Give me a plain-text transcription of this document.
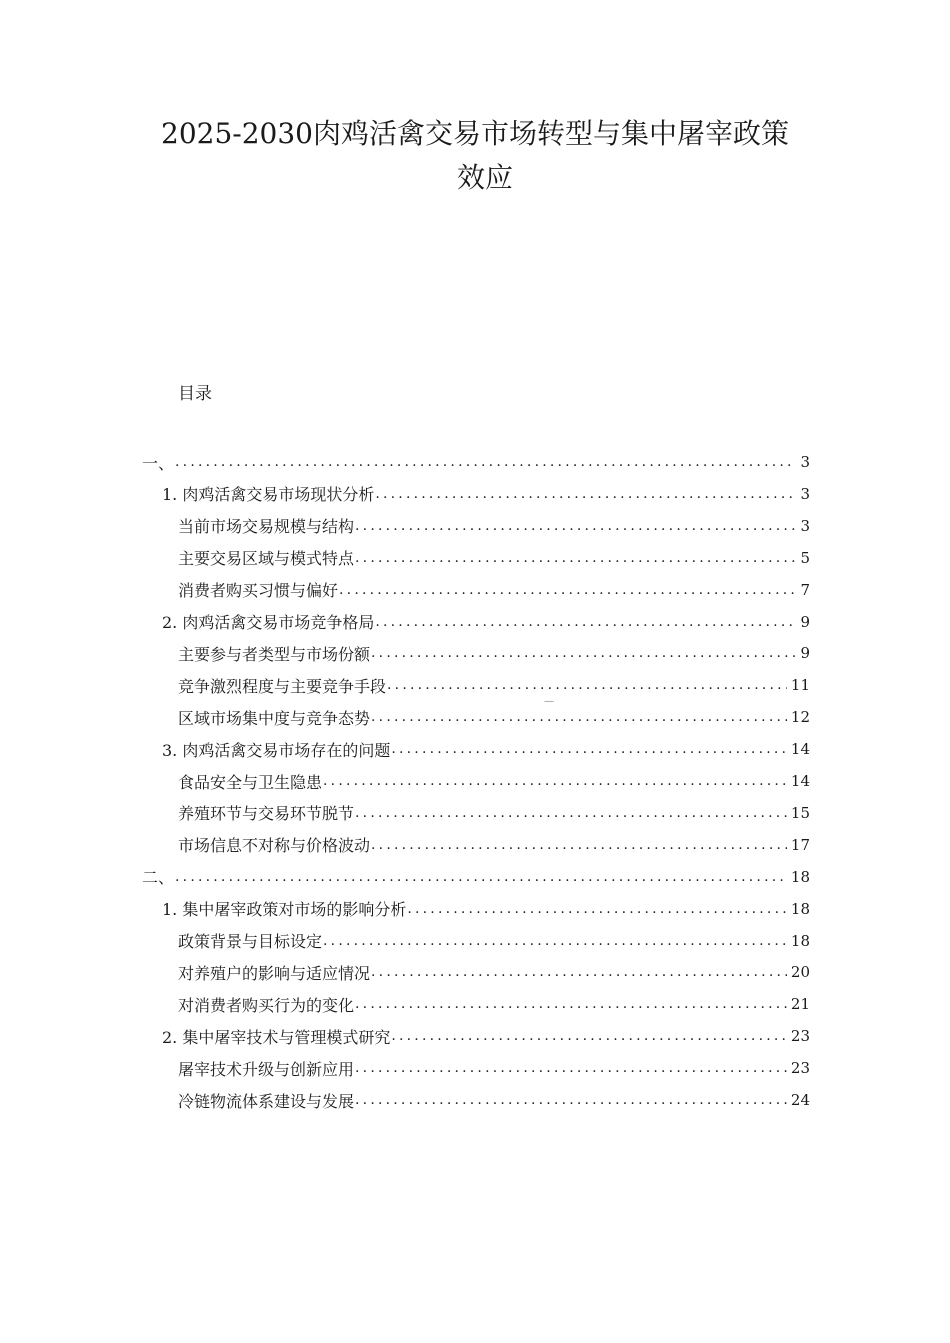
2025-2030肉鸡活禽交易市场转型与集中屠宰政策
效应
目录
—
一、 .....	3
1. 肉鸡活禽交易市场现状分析 .....	3
当前市场交易规模与结构 .....	3
主要交易区域与模式特点 .....	5
消费者购买习惯与偏好 .....	7
2. 肉鸡活禽交易市场竞争格局 .....	9
主要参与者类型与市场份额 .....	9
竞争激烈程度与主要竞争手段 .....	11
区域市场集中度与竞争态势 .....	12
3. 肉鸡活禽交易市场存在的问题 .....	14
食品安全与卫生隐患 .....	14
养殖环节与交易环节脱节 .....	15
市场信息不对称与价格波动 .....	17
二、 .....	18
1. 集中屠宰政策对市场的影响分析 .....	18
政策背景与目标设定 .....	18
对养殖户的影响与适应情况 .....	20
对消费者购买行为的变化 .....	21
2. 集中屠宰技术与管理模式研究 .....	23
屠宰技术升级与创新应用 .....	23
冷链物流体系建设与发展 .....	24
